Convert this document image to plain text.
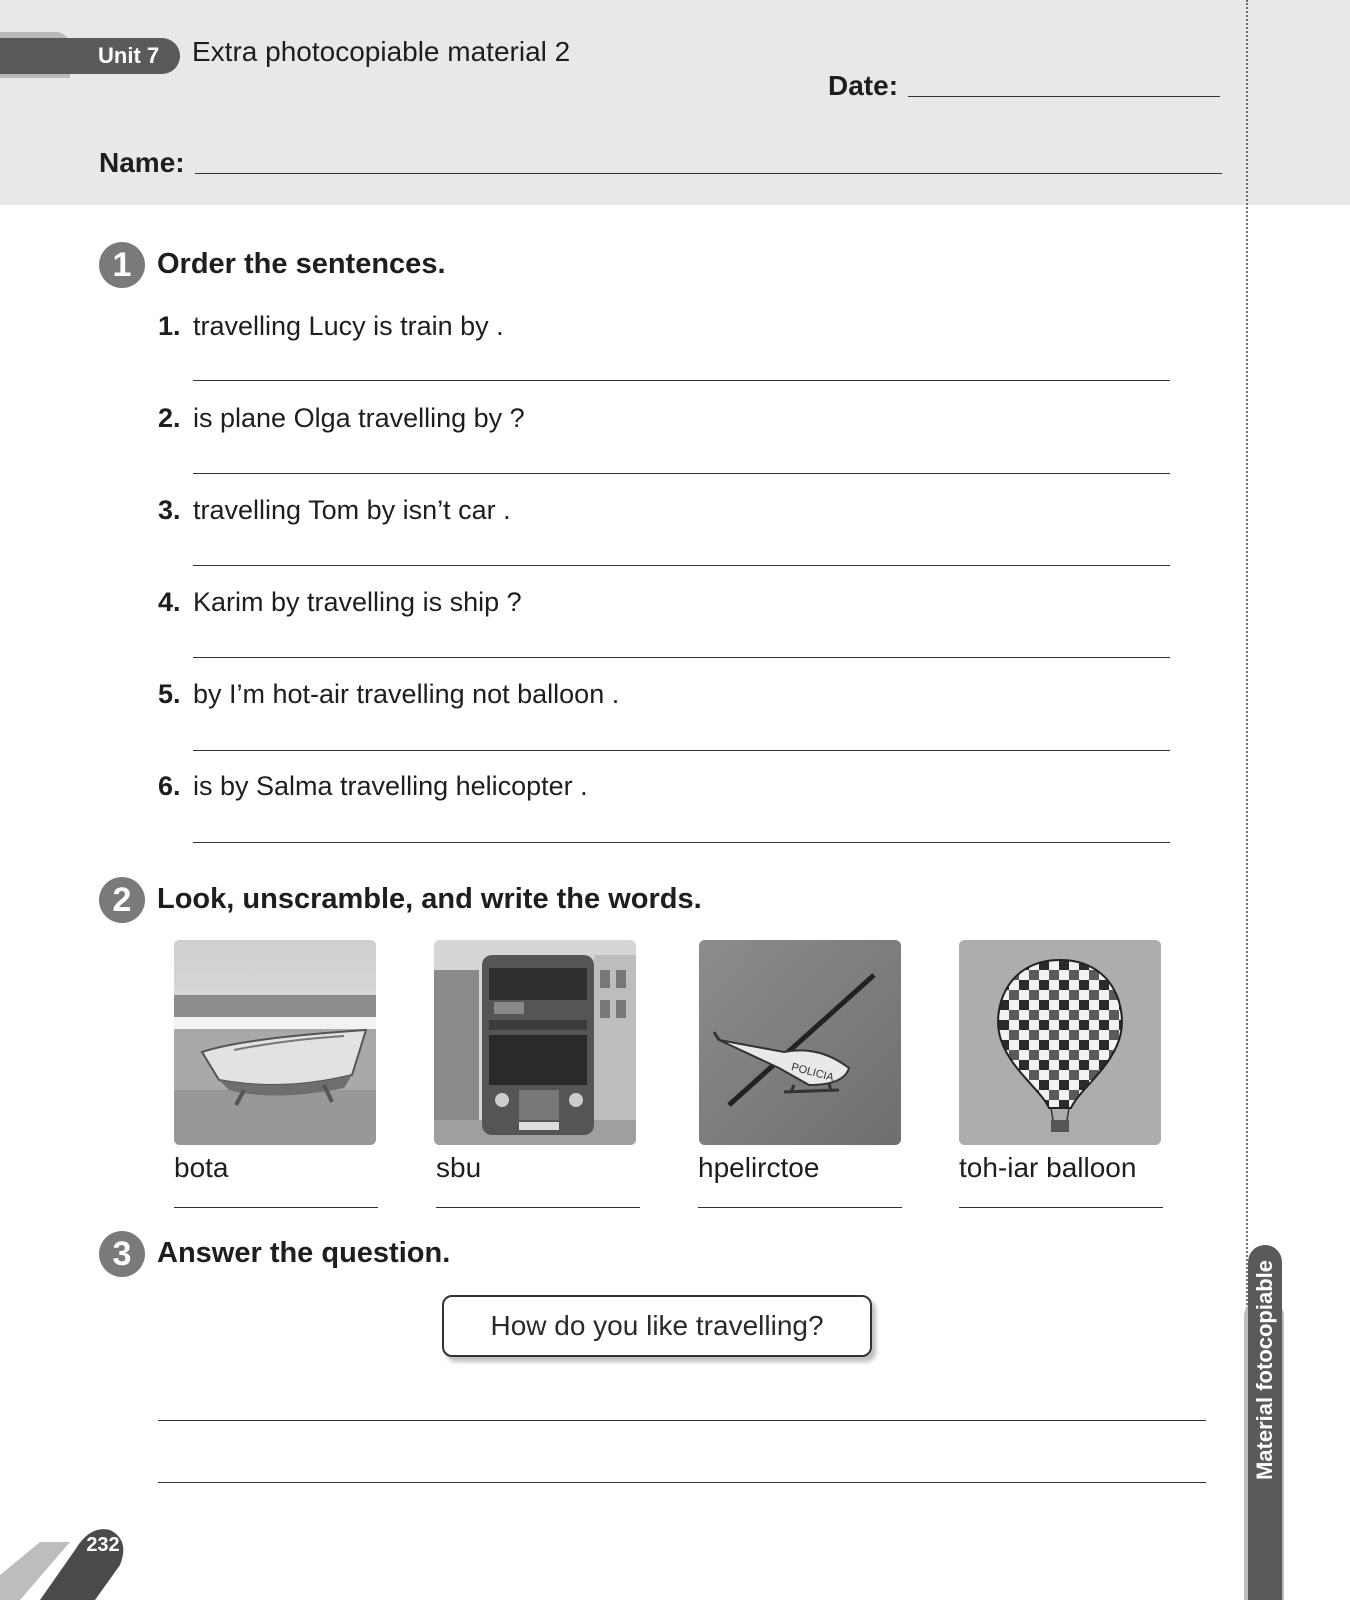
Unit 7 Extra photocopiable material 2
Date:
Name:
1 Order the sentences.
1. travelling Lucy is train by .
2. is plane Olga travelling by ?
3. travelling Tom by isn’t car .
4. Karim by travelling is ship ?
5. by I’m hot-air travelling not balloon .
6. is by Salma travelling helicopter .
2 Look, unscramble, and write the words.
POLICIA
bota	sbu	hpelirctoe	toh-iar balloon
3 Answer the question.
How do you like travelling?	Material fotocopiable
232
